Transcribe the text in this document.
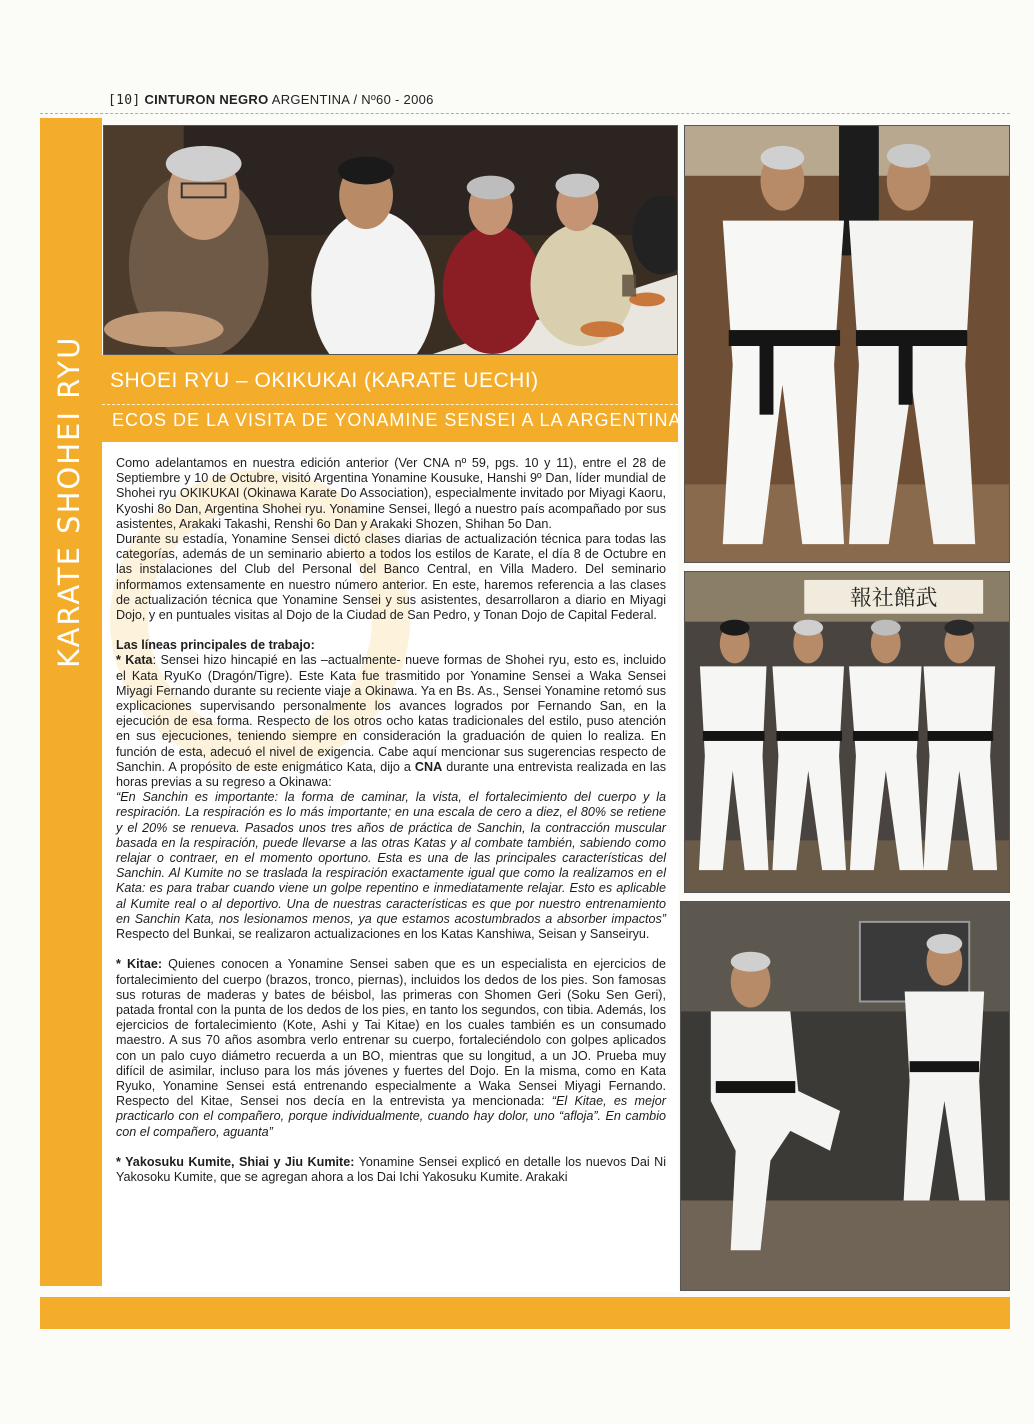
[10] CINTURON NEGRO ARGENTINA / Nº60 - 2006
KARATE SHOHEI RYU	報社館武
SHOEI RYU – OKIKUKAI (KARATE UECHI)
ECOS DE LA VISITA DE YONAMINE SENSEI A LA ARGENTINA

Como adelantamos en nuestra edición anterior (Ver CNA nº 59, pgs. 10 y 11), entre el 28 de Septiembre y 10 de Octubre, visitó Argentina Yonamine Kousuke, Hanshi 9º Dan, líder mundial de Shohei ryu OKIKUKAI (Okinawa Karate Do Association), especialmente invitado por Miyagi Kaoru, Kyoshi 8o Dan, Argentina Shohei ryu. Yonamine Sensei, llegó a nuestro país acompañado por sus asistentes, Arakaki Takashi, Renshi 6o Dan y Arakaki Shozen, Shihan 5o Dan.

Durante su estadía, Yonamine Sensei dictó clases diarias de actualización técnica para todas las categorías, además de un seminario abierto a todos los estilos de Karate, el día 8 de Octubre en las instalaciones del Club del Personal del Banco Central, en Villa Madero. Del seminario informamos extensamente en nuestro número anterior. En este, haremos referencia a las clases de actualización técnica que Yonamine Sensei y sus asistentes, desarrollaron a diario en Miyagi Dojo, y en puntuales visitas al Dojo de la Ciudad de San Pedro, y Tonan Dojo de Capital Federal.

Las líneas principales de trabajo:

* Kata: Sensei hizo hincapié en las –actualmente- nueve formas de Shohei ryu, esto es, incluido el Kata RyuKo (Dragón/Tigre). Este Kata fue trasmitido por Yonamine Sensei a Waka Sensei Miyagi Fernando durante su reciente viaje a Okinawa. Ya en Bs. As., Sensei Yonamine retomó sus explicaciones supervisando personalmente los avances logrados por Fernando San, en la ejecución de esa forma. Respecto de los otros ocho katas tradicionales del estilo, puso atención en sus ejecuciones, teniendo siempre en consideración la graduación de quien lo realiza. En función de esta, adecuó el nivel de exigencia. Cabe aquí mencionar sus sugerencias respecto de Sanchin. A propósito de este enigmático Kata, dijo a CNA durante una entrevista realizada en las horas previas a su regreso a Okinawa:

“En Sanchin es importante: la forma de caminar, la vista, el fortalecimiento del cuerpo y la respiración. La respiración es lo más importante; en una escala de cero a diez, el 80% se retiene y el 20% se renueva. Pasados unos tres años de práctica de Sanchin, la contracción muscular basada en la respiración, puede llevarse a las otras Katas y al combate también, sabiendo como relajar o contraer, en el momento oportuno. Esta es una de las principales características del Sanchin. Al Kumite no se traslada la respiración exactamente igual que como la realizamos en el Kata: es para trabar cuando viene un golpe repentino e inmediatamente relajar. Esto es aplicable al Kumite real o al deportivo. Una de nuestras características es que por nuestro entrenamiento en Sanchin Kata, nos lesionamos menos, ya que estamos acostumbrados a absorber impactos” Respecto del Bunkai, se realizaron actualizaciones en los Katas Kanshiwa, Seisan y Sanseiryu.

* Kitae: Quienes conocen a Yonamine Sensei saben que es un especialista en ejercicios de fortalecimiento del cuerpo (brazos, tronco, piernas), incluidos los dedos de los pies. Son famosas sus roturas de maderas y bates de béisbol, las primeras con Shomen Geri (Soku Sen Geri), patada frontal con la punta de los dedos de los pies, en tanto los segundos, con tibia. Además, los ejercicios de fortalecimiento (Kote, Ashi y Tai Kitae) en los cuales también es un consumado maestro. A sus 70 años asombra verlo entrenar su cuerpo, fortaleciéndolo con golpes aplicados con un palo cuyo diámetro recuerda a un BO, mientras que su longitud, a un JO. Prueba muy difícil de asimilar, incluso para los más jóvenes y fuertes del Dojo. En la misma, como en Kata Ryuko, Yonamine Sensei está entrenando especialmente a Waka Sensei Miyagi Fernando. Respecto del Kitae, Sensei nos decía en la entrevista ya mencionada: “El Kitae, es mejor practicarlo con el compañero, porque individualmente, cuando hay dolor, uno “afloja”. En cambio con el compañero, aguanta”

* Yakosuku Kumite, Shiai y Jiu Kumite: Yonamine Sensei explicó en detalle los nuevos Dai Ni Yakosoku Kumite, que se agregan ahora a los Dai Ichi Yakosuku Kumite. Arakaki
